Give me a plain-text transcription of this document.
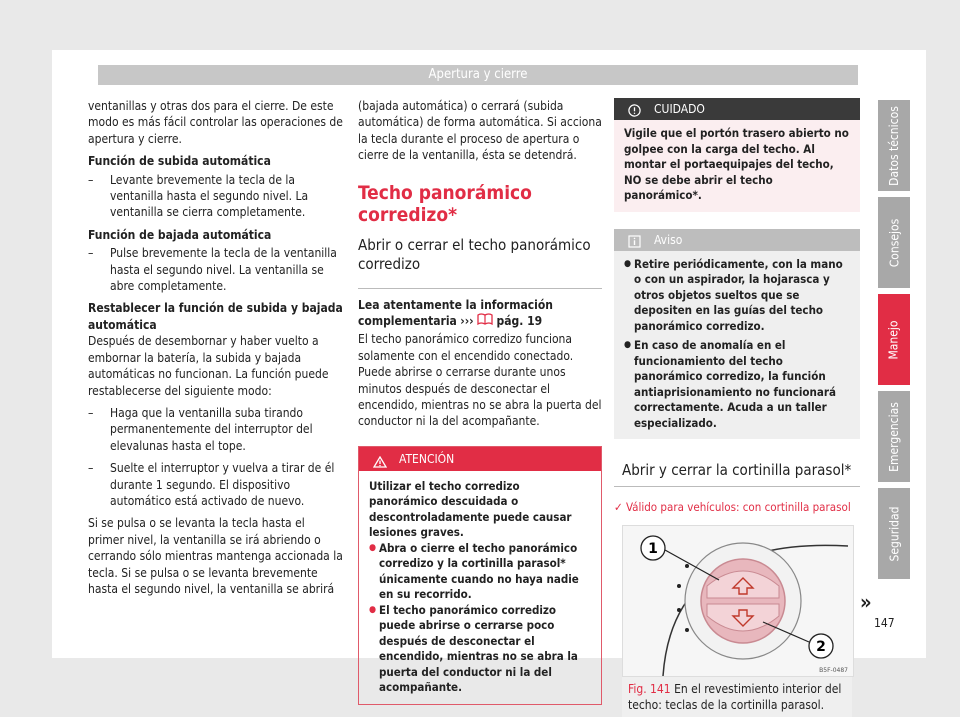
Apertura y cierre

ventanillas y otras dos para el cierre. De este modo es más fácil controlar las operaciones de apertura y cierre.

Función de subida automática

– Levante brevemente la tecla de la ventanilla hasta el segundo nivel. La ventanilla se cierra completamente.

Función de bajada automática

– Pulse brevemente la tecla de la ventanilla hasta el segundo nivel. La ventanilla se abre completamente.

Restablecer la función de subida y bajada automática

Después de desembornar y haber vuelto a embornar la batería, la subida y bajada automáticas no funcionan. La función puede restablecerse del siguiente modo:

– Haga que la ventanilla suba tirando permanentemente del interruptor del elevalunas hasta el tope.
– Suelte el interruptor y vuelva a tirar de él durante 1 segundo. El dispositivo automático está activado de nuevo.

Si se pulsa o se levanta la tecla hasta el primer nivel, la ventanilla se irá abriendo o cerrando sólo mientras mantenga accionada la tecla. Si se pulsa o se levanta brevemente hasta el segundo nivel, la ventanilla se abrirá

(bajada automática) o cerrará (subida automática) de forma automática. Si acciona la tecla durante el proceso de apertura o cierre de la ventanilla, ésta se detendrá.

Techo panorámico corredizo*
Abrir o cerrar el techo panorámico corredizo

Lea atentamente la información complementaria ››› pág. 19

El techo panorámico corredizo funciona solamente con el encendido conectado. Puede abrirse o cerrarse durante unos minutos después de desconectar el encendido, mientras no se abra la puerta del conductor ni la del acompañante.

ATENCIÓN
Utilizar el techo corredizo panorámico descuidada o descontroladamente puede causar lesiones graves.
● Abra o cierre el techo panorámico corredizo y la cortinilla parasol* únicamente cuando no haya nadie en su recorrido.
● El techo panorámico corredizo puede abrirse o cerrarse poco después de desconectar el encendido, mientras no se abra la puerta del conductor ni la del acompañante.
CUIDADO
Vigile que el portón trasero abierto no golpee con la carga del techo. Al montar el portaequipajes del techo, NO se debe abrir el techo panorámico*.
Aviso
● Retire periódicamente, con la mano o con un aspirador, la hojarasca y otros objetos sueltos que se depositen en las guías del techo panorámico corredizo.
● En caso de anomalía en el funcionamiento del techo panorámico corredizo, la función antiaprisionamiento no funcionará correctamente. Acuda a un taller especializado.
Abrir y cerrar la cortinilla parasol*
✓ Válido para vehículos: con cortinilla parasol
1
2
B5F-0487
Fig. 141 En el revestimiento interior del techo: teclas de la cortinilla parasol.
»
Datos técnicos
Consejos
Manejo
Emergencias
Seguridad
147
